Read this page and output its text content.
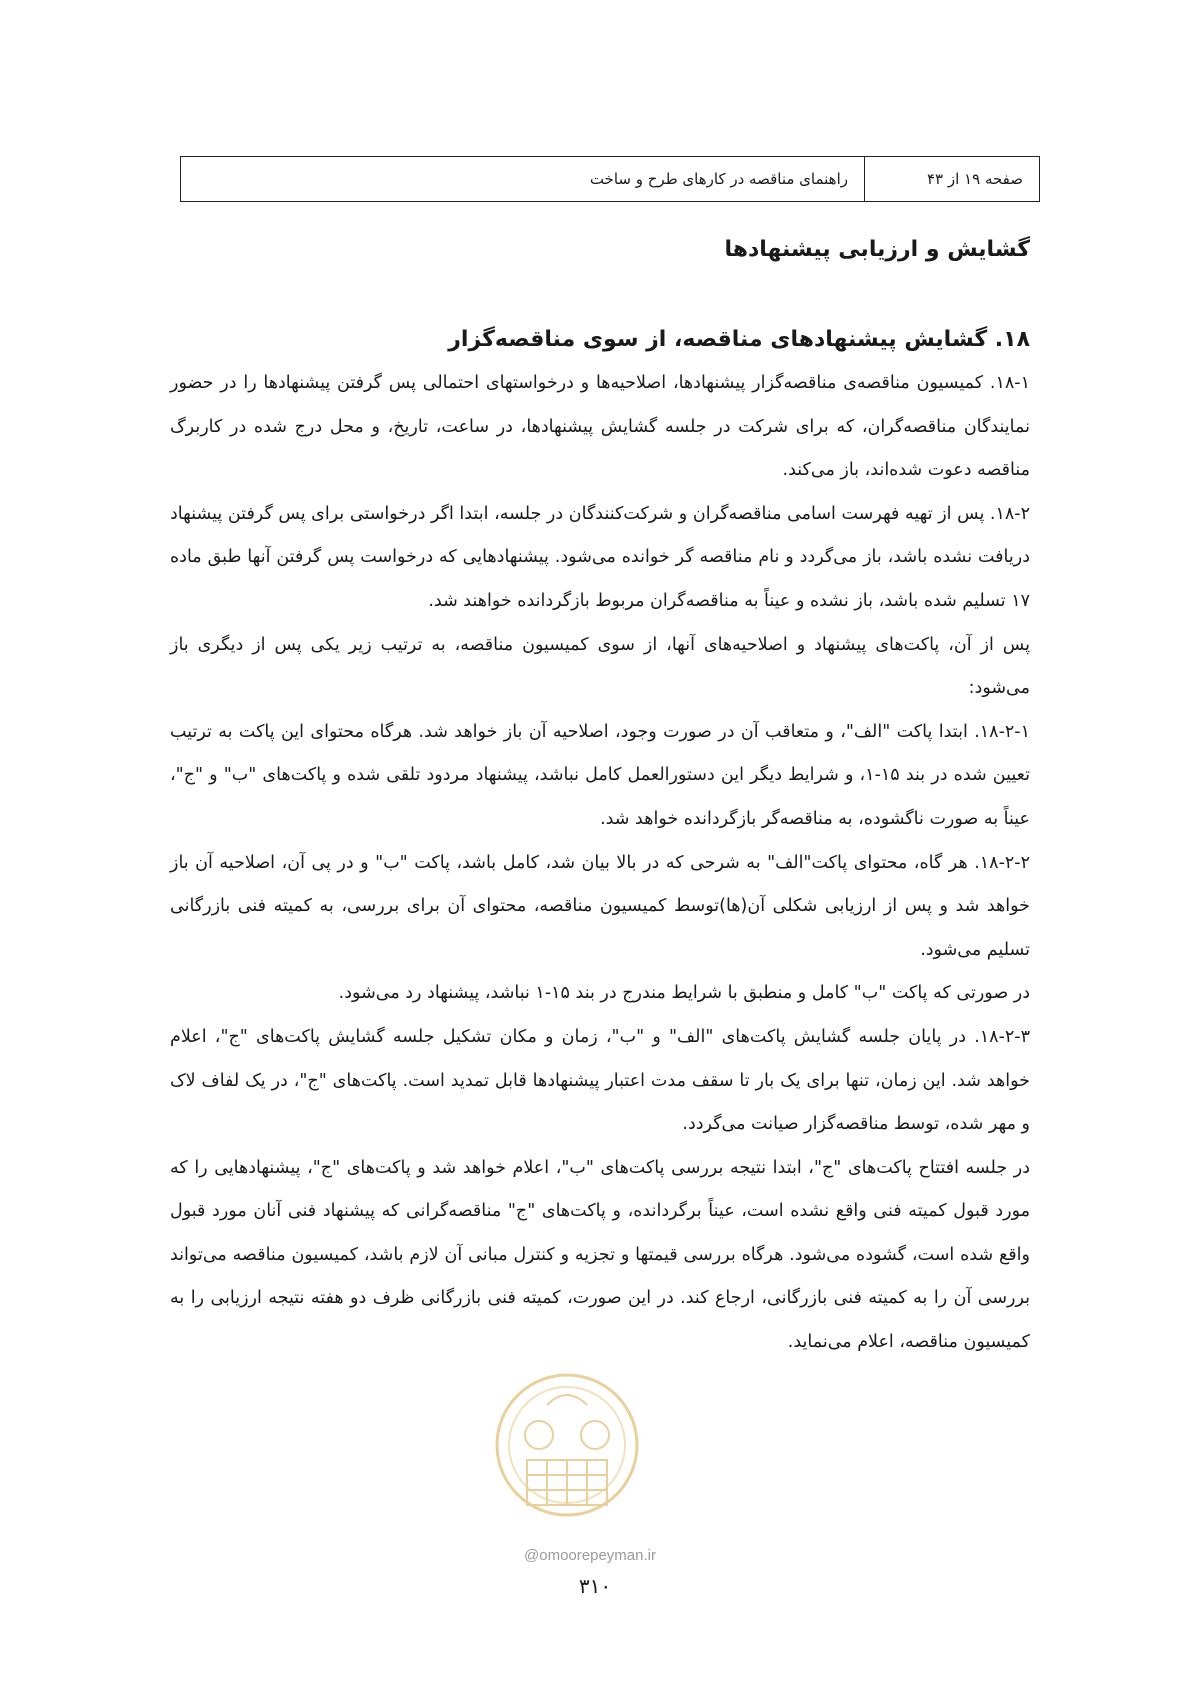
صفحه ۱۹ از ۴۳
راهنمای مناقصه در کارهای طرح و ساخت
گشایش و ارزیابی پیشنهادها
۱۸. گشایش پیشنهادهای مناقصه، از سوی مناقصه‌گزار

۱۸-۱. کمیسیون مناقصه‌ی مناقصه‌گزار پیشنهادها، اصلاحیه‌ها و درخواستهای احتمالی پس گرفتن پیشنهادها را در حضور نمایندگان مناقصه‌گران، که برای شرکت در جلسه گشایش پیشنهادها، در ساعت، تاریخ، و محل درج شده در کاربرگ مناقصه دعوت شده‌اند، باز می‌کند.

۱۸-۲. پس از تهیه فهرست اسامی مناقصه‌گران و شرکت‌کنندگان در جلسه، ابتدا اگر درخواستی برای پس گرفتن پیشنهاد دریافت نشده باشد، باز می‌گردد و نام مناقصه گر خوانده می‌شود. پیشنهادهایی که درخواست پس گرفتن آنها طبق ماده ۱۷ تسلیم شده باشد، باز نشده و عیناً به مناقصه‌گران مربوط بازگردانده خواهند شد.

پس از آن، پاکت‌های پیشنهاد و اصلاحیه‌های آنها، از سوی کمیسیون مناقصه، به ترتیب زیر یکی پس از دیگری باز می‌شود:

۱۸-۲-۱. ابتدا پاکت "الف"، و متعاقب آن در صورت وجود، اصلاحیه آن باز خواهد شد. هرگاه محتوای این پاکت به ترتیب تعیین شده در بند ۱۵-۱، و شرایط دیگر این دستورالعمل کامل نباشد، پیشنهاد مردود تلقی شده و پاکت‌های "ب" و "ج"، عیناً به صورت ناگشوده، به مناقصه‌گر بازگردانده خواهد شد.

۱۸-۲-۲. هر گاه، محتوای پاکت"الف" به شرحی که در بالا بیان شد، کامل باشد، پاکت "ب" و در پی آن، اصلاحیه آن باز خواهد شد و پس از ارزیابی شکلی آن(ها)توسط کمیسیون مناقصه، محتوای آن برای بررسی، به کمیته فنی بازرگانی تسلیم می‌شود.

در صورتی که پاکت "ب" کامل و منطبق با شرایط مندرج در بند ۱۵-۱ نباشد، پیشنهاد رد می‌شود.

۱۸-۲-۳. در پایان جلسه گشایش پاکت‌های "الف" و "ب"، زمان و مکان تشکیل جلسه گشایش پاکت‌های "ج"، اعلام خواهد شد. این زمان، تنها برای یک بار تا سقف مدت اعتبار پیشنهادها قابل تمدید است. پاکت‌های "ج"، در یک لفاف لاک و مهر شده، توسط مناقصه‌گزار صیانت می‌گردد.

در جلسه افتتاح پاکت‌های "ج"، ابتدا نتیجه بررسی پاکت‌های "ب"، اعلام خواهد شد و پاکت‌های "ج"، پیشنهادهایی را که مورد قبول کمیته فنی واقع نشده است، عیناً برگردانده، و پاکت‌های "ج" مناقصه‌گرانی که پیشنهاد فنی آنان مورد قبول واقع شده است، گشوده می‌شود. هرگاه بررسی قیمتها و تجزیه و کنترل مبانی آن لازم باشد، کمیسیون مناقصه می‌تواند بررسی آن را به کمیته فنی بازرگانی، ارجاع کند. در این صورت، کمیته فنی بازرگانی ظرف دو هفته نتیجه ارزیابی را به کمیسیون مناقصه، اعلام می‌نماید.

@omoorepeyman.ir
۳۱۰
